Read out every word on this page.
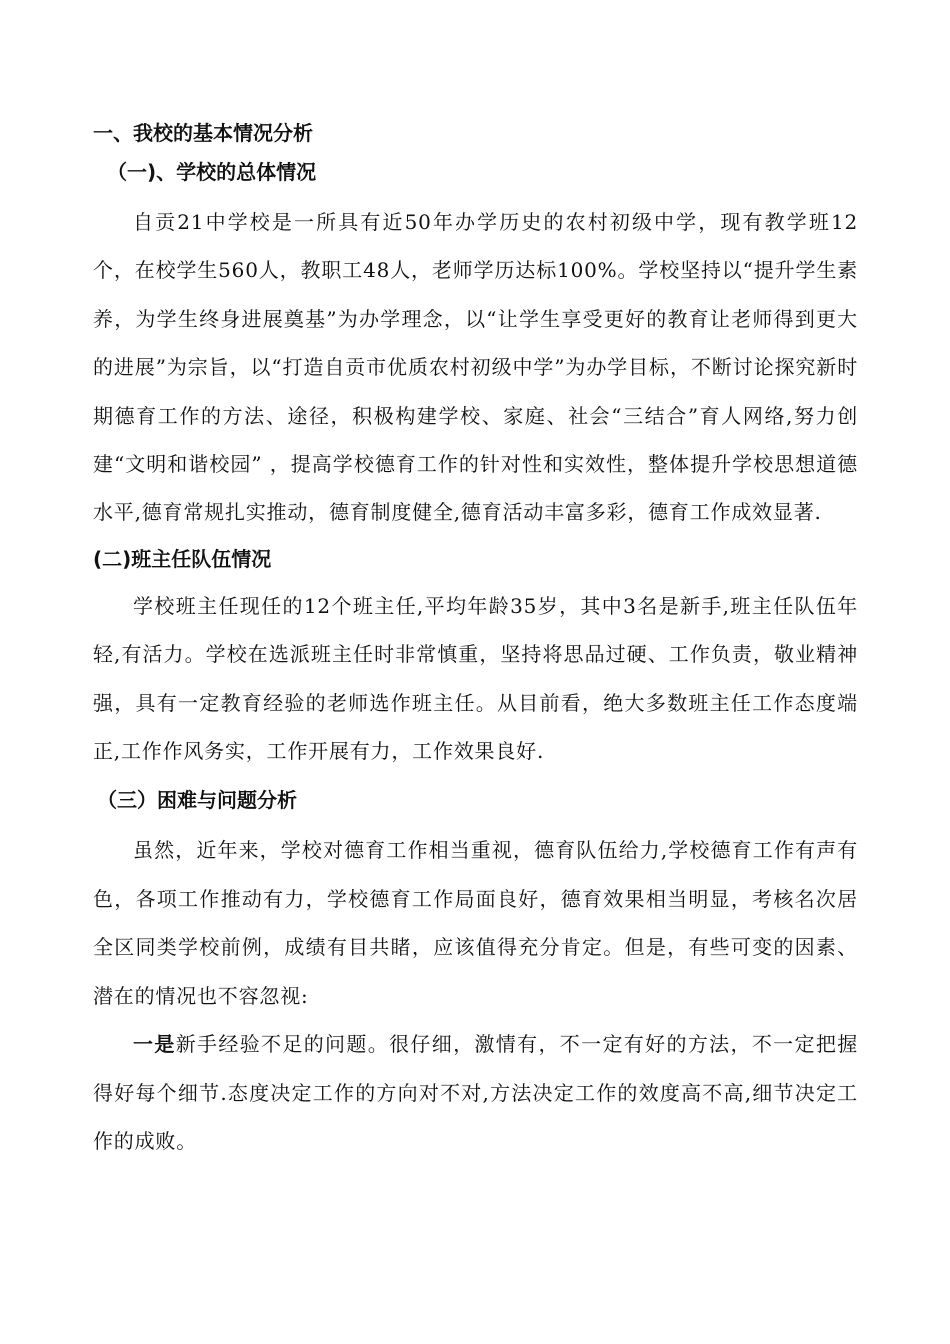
一、我校的基本情况分析
（一)、学校的总体情况

自贡21中学校是一所具有近50年办学历史的农村初级中学，现有教学班12个，在校学生560人，教职工48人，老师学历达标100%。学校坚持以“提升学生素养，为学生终身进展奠基”为办学理念，以“让学生享受更好的教育让老师得到更大的进展”为宗旨，以“打造自贡市优质农村初级中学”为办学目标，不断讨论探究新时期德育工作的方法、途径，积极构建学校、家庭、社会“三结合”育人网络,努力创建“文明和谐校园” ，提高学校德育工作的针对性和实效性，整体提升学校思想道德水平,德育常规扎实推动，德育制度健全,德育活动丰富多彩，德育工作成效显著.

(二)班主任队伍情况

学校班主任现任的12个班主任,平均年龄35岁，其中3名是新手,班主任队伍年轻,有活力。学校在选派班主任时非常慎重，坚持将思品过硬、工作负责，敬业精神强，具有一定教育经验的老师选作班主任。从目前看，绝大多数班主任工作态度端正,工作作风务实，工作开展有力，工作效果良好.

（三）困难与问题分析

虽然，近年来，学校对德育工作相当重视，德育队伍给力,学校德育工作有声有色，各项工作推动有力，学校德育工作局面良好，德育效果相当明显，考核名次居全区同类学校前例，成绩有目共睹，应该值得充分肯定。但是，有些可变的因素、潜在的情况也不容忽视:

一是新手经验不足的问题。很仔细，激情有，不一定有好的方法，不一定把握得好每个细节.态度决定工作的方向对不对,方法决定工作的效度高不高,细节决定工作的成败。
